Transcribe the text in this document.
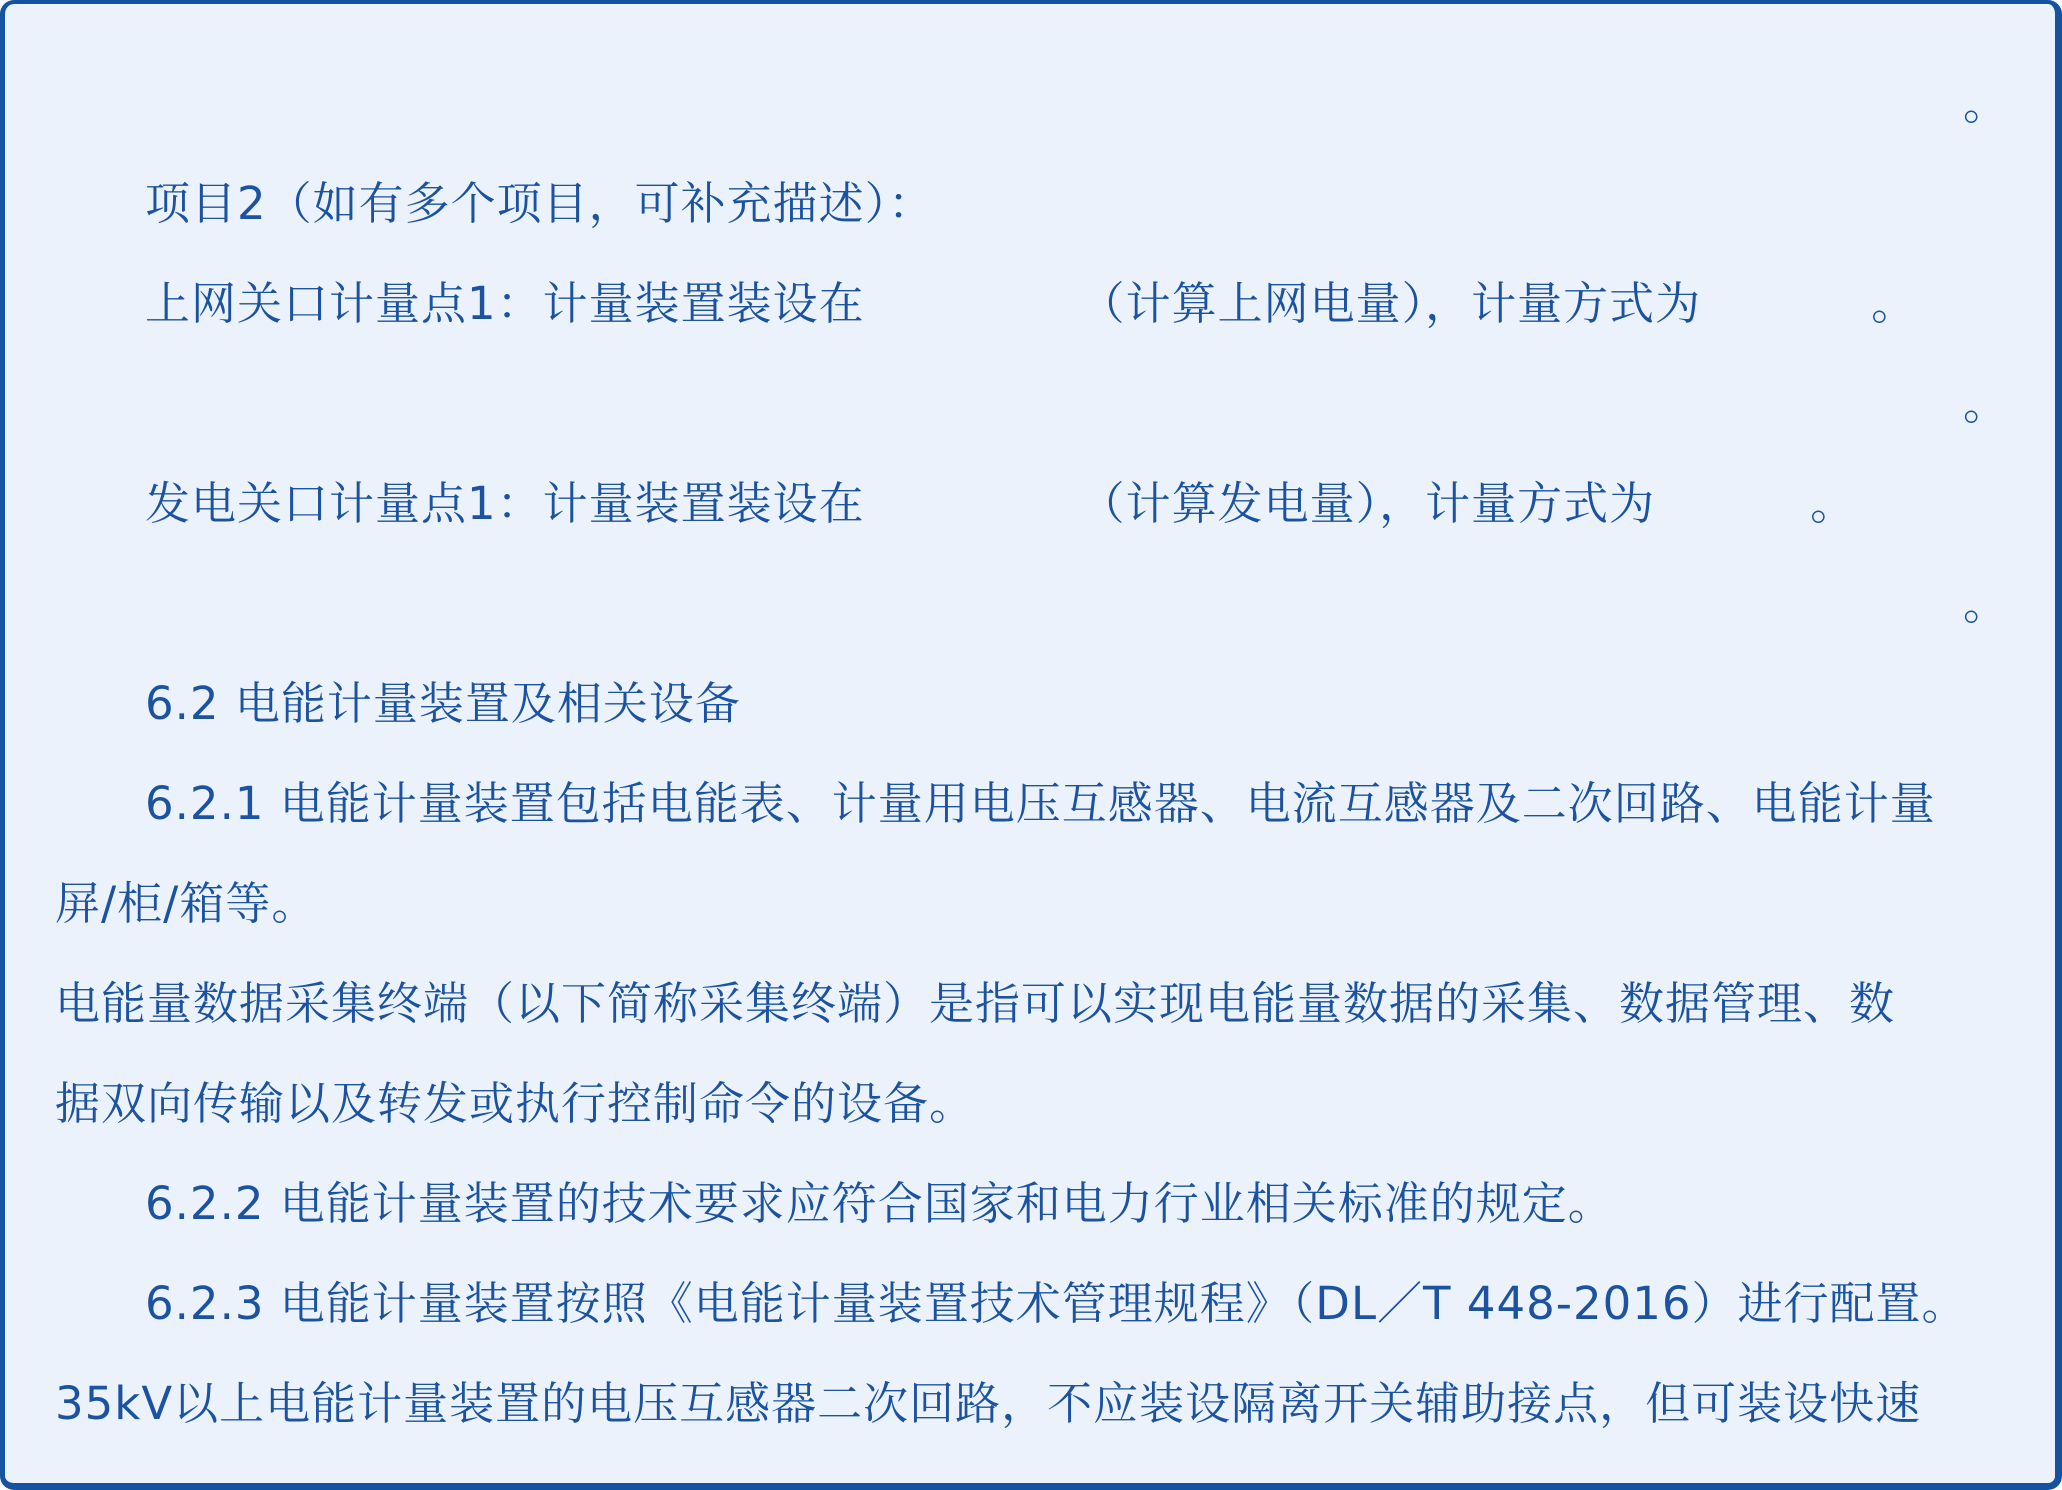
。
项目2（如有多个项目，可补充描述）：
上网关口计量点1：计量装置装设在	（计算上网电量），计量方式为	。
。
发电关口计量点1：计量装置装设在	（计算发电量），计量方式为	。
。
6.2 电能计量装置及相关设备
6.2.1 电能计量装置包括电能表、计量用电压互感器、电流互感器及二次回路、电能计量
屏/柜/箱等。
电能量数据采集终端（以下简称采集终端）是指可以实现电能量数据的采集、数据管理、数
据双向传输以及转发或执行控制命令的设备。
6.2.2 电能计量装置的技术要求应符合国家和电力行业相关标准的规定。
6.2.3 电能计量装置按照《电能计量装置技术管理规程》（DL／T 448-2016）进行配置。
35kV以上电能计量装置的电压互感器二次回路，不应装设隔离开关辅助接点，但可装设快速
